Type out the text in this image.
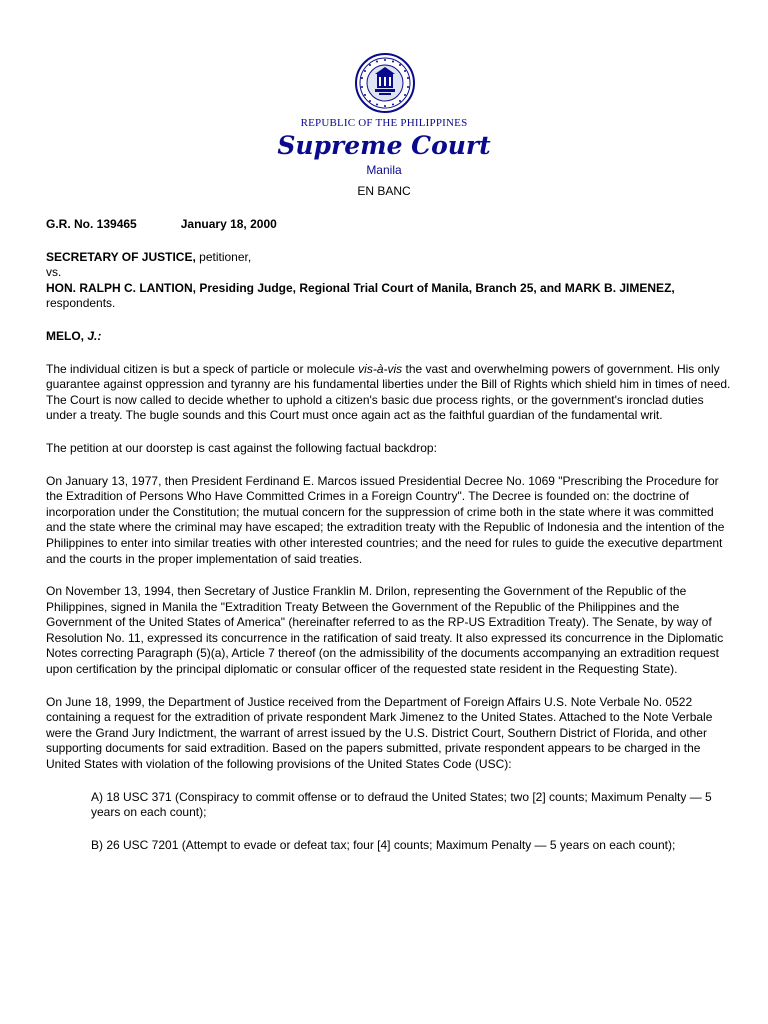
REPUBLIC OF THE PHILIPPINES
Supreme Court
Manila
EN BANC

G.R. No. 139465	January 18, 2000

SECRETARY OF JUSTICE, petitioner,

vs.

HON. RALPH C. LANTION, Presiding Judge, Regional Trial Court of Manila, Branch 25, and MARK B. JIMENEZ, respondents.

MELO, J.:

The individual citizen is but a speck of particle or molecule vis-à-vis the vast and overwhelming powers of government. His only guarantee against oppression and tyranny are his fundamental liberties under the Bill of Rights which shield him in times of need. The Court is now called to decide whether to uphold a citizen's basic due process rights, or the government's ironclad duties under a treaty. The bugle sounds and this Court must once again act as the faithful guardian of the fundamental writ.

The petition at our doorstep is cast against the following factual backdrop:

On January 13, 1977, then President Ferdinand E. Marcos issued Presidential Decree No. 1069 "Prescribing the Procedure for the Extradition of Persons Who Have Committed Crimes in a Foreign Country". The Decree is founded on: the doctrine of incorporation under the Constitution; the mutual concern for the suppression of crime both in the state where it was committed and the state where the criminal may have escaped; the extradition treaty with the Republic of Indonesia and the intention of the Philippines to enter into similar treaties with other interested countries; and the need for rules to guide the executive department and the courts in the proper implementation of said treaties.

On November 13, 1994, then Secretary of Justice Franklin M. Drilon, representing the Government of the Republic of the Philippines, signed in Manila the "Extradition Treaty Between the Government of the Republic of the Philippines and the Government of the United States of America" (hereinafter referred to as the RP-US Extradition Treaty). The Senate, by way of Resolution No. 11, expressed its concurrence in the ratification of said treaty. It also expressed its concurrence in the Diplomatic Notes correcting Paragraph (5)(a), Article 7 thereof (on the admissibility of the documents accompanying an extradition request upon certification by the principal diplomatic or consular officer of the requested state resident in the Requesting State).

On June 18, 1999, the Department of Justice received from the Department of Foreign Affairs U.S. Note Verbale No. 0522 containing a request for the extradition of private respondent Mark Jimenez to the United States. Attached to the Note Verbale were the Grand Jury Indictment, the warrant of arrest issued by the U.S. District Court, Southern District of Florida, and other supporting documents for said extradition. Based on the papers submitted, private respondent appears to be charged in the United States with violation of the following provisions of the United States Code (USC):

A) 18 USC 371 (Conspiracy to commit offense or to defraud the United States; two [2] counts; Maximum Penalty — 5 years on each count);

B) 26 USC 7201 (Attempt to evade or defeat tax; four [4] counts; Maximum Penalty — 5 years on each count);
